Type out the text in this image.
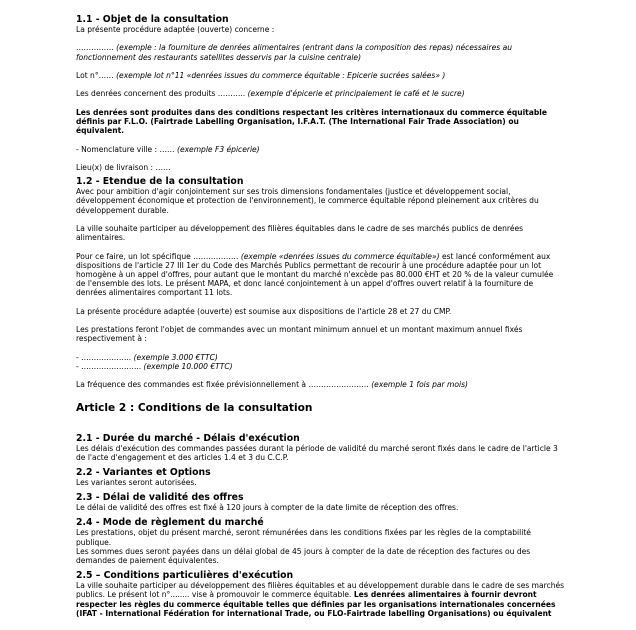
1.1 - Objet de la consultation

La présente procédure adaptée (ouverte) concerne :

…………… (exemple : la fourniture de denrées alimentaires (entrant dans la composition des repas) nécessaires au

fonctionnement des restaurants satellites desservis par la cuisine centrale)

Lot n°…… (exemple lot n°11 «denrées issues du commerce équitable : Epicerie sucrées salées» )

Les denrées concernent des produits ……….. (exemple d'épicerie et principalement le café et le sucre)

Les denrées sont produites dans des conditions respectant les critères internationaux du commerce équitable

définis par F.L.O. (Fairtrade Labelling Organisation, I.F.A.T. (The International Fair Trade Association) ou

équivalent.

- Nomenclature ville : …… (exemple F3 épicerie)

Lieu(x) de livraison : ……

1.2 - Etendue de la consultation

Avec pour ambition d'agir conjointement sur ses trois dimensions fondamentales (justice et développement social,

développement économique et protection de l'environnement), le commerce équitable répond pleinement aux critères du

développement durable.

La ville souhaite participer au développement des filières équitables dans le cadre de ses marchés publics de denrées

alimentaires.

Pour ce faire, un lot spécifique ……………… (exemple «denrées issues du commerce équitable») est lancé conformément aux

dispositions de l'article 27 III 1er du Code des Marchés Publics permettant de recourir à une procédure adaptée pour un lot

homogène à un appel d'offres, pour autant que le montant du marché n'excède pas 80.000 €HT et 20 % de la valeur cumulée

de l'ensemble des lots. Le présent MAPA, et donc lancé conjointement à un appel d'offres ouvert relatif à la fourniture de

denrées alimentaires comportant 11 lots.

La présente procédure adaptée (ouverte) est soumise aux dispositions de l'article 28 et 27 du CMP.

Les prestations feront l'objet de commandes avec un montant minimum annuel et un montant maximum annuel fixés

respectivement à :

- ……………….. (exemple 3.000 €TTC)

- …………………... (exemple 10.000 €TTC)

La fréquence des commandes est fixée prévisionnellement à …………………… (exemple 1 fois par mois)

Article 2 : Conditions de la consultation

2.1 - Durée du marché - Délais d'exécution

Les délais d'exécution des commandes passées durant la période de validité du marché seront fixés dans le cadre de l'article 3

de l'acte d'engagement et des articles 1.4 et 3 du C.C.P.

2.2 - Variantes et Options

Les variantes seront autorisées.

2.3 - Délai de validité des offres

Le délai de validité des offres est fixé à 120 jours à compter de la date limite de réception des offres.

2.4 - Mode de règlement du marché

Les prestations, objet du présent marché, seront rémunérées dans les conditions fixées par les règles de la comptabilité

publique.

Les sommes dues seront payées dans un délai global de 45 jours à compter de la date de réception des factures ou des

demandes de paiement équivalentes.

2.5 – Conditions particulières d'exécution

La ville souhaite participer au développement des filières équitables et au développement durable dans le cadre de ses marchés

publics. Le présent lot n°........ vise à promouvoir le commerce équitable. Les denrées alimentaires à fournir devront

respecter les règles du commerce équitable telles que définies par les organisations internationales concernées

(IFAT - International Fédération for international Trade, ou FLO-Fairtrade labelling Organisations) ou équivalent
